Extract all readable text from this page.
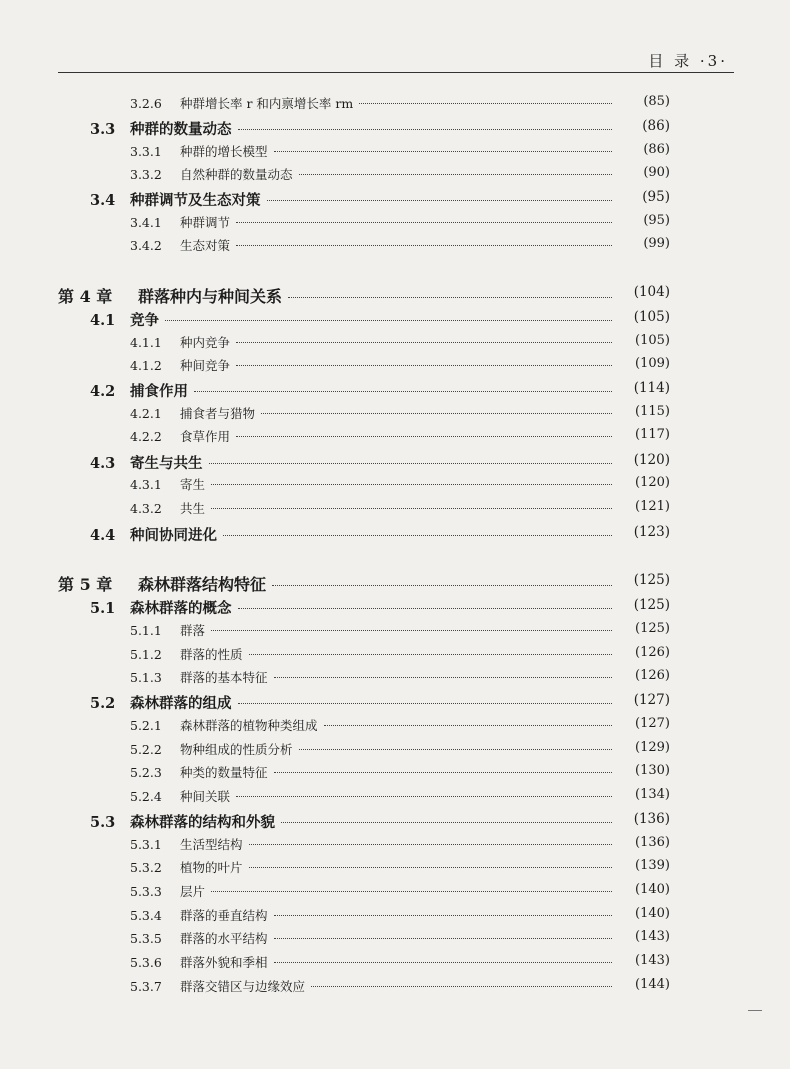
目 录 ·3·
3.2.6	种群增长率 r 和内禀增长率 rm	(85)
3.3	种群的数量动态	(86)
3.3.1	种群的增长模型	(86)
3.3.2	自然种群的数量动态	(90)
3.4	种群调节及生态对策	(95)
3.4.1	种群调节	(95)
3.4.2	生态对策	(99)
第 4 章	群落种内与种间关系	(104)
4.1	竞争	(105)
4.1.1	种内竞争	(105)
4.1.2	种间竞争	(109)
4.2	捕食作用	(114)
4.2.1	捕食者与猎物	(115)
4.2.2	食草作用	(117)
4.3	寄生与共生	(120)
4.3.1	寄生	(120)
4.3.2	共生	(121)
4.4	种间协同进化	(123)
第 5 章	森林群落结构特征	(125)
5.1	森林群落的概念	(125)
5.1.1	群落	(125)
5.1.2	群落的性质	(126)
5.1.3	群落的基本特征	(126)
5.2	森林群落的组成	(127)
5.2.1	森林群落的植物种类组成	(127)
5.2.2	物种组成的性质分析	(129)
5.2.3	种类的数量特征	(130)
5.2.4	种间关联	(134)
5.3	森林群落的结构和外貌	(136)
5.3.1	生活型结构	(136)
5.3.2	植物的叶片	(139)
5.3.3	层片	(140)
5.3.4	群落的垂直结构	(140)
5.3.5	群落的水平结构	(143)
5.3.6	群落外貌和季相	(143)
5.3.7	群落交错区与边缘效应	(144)
